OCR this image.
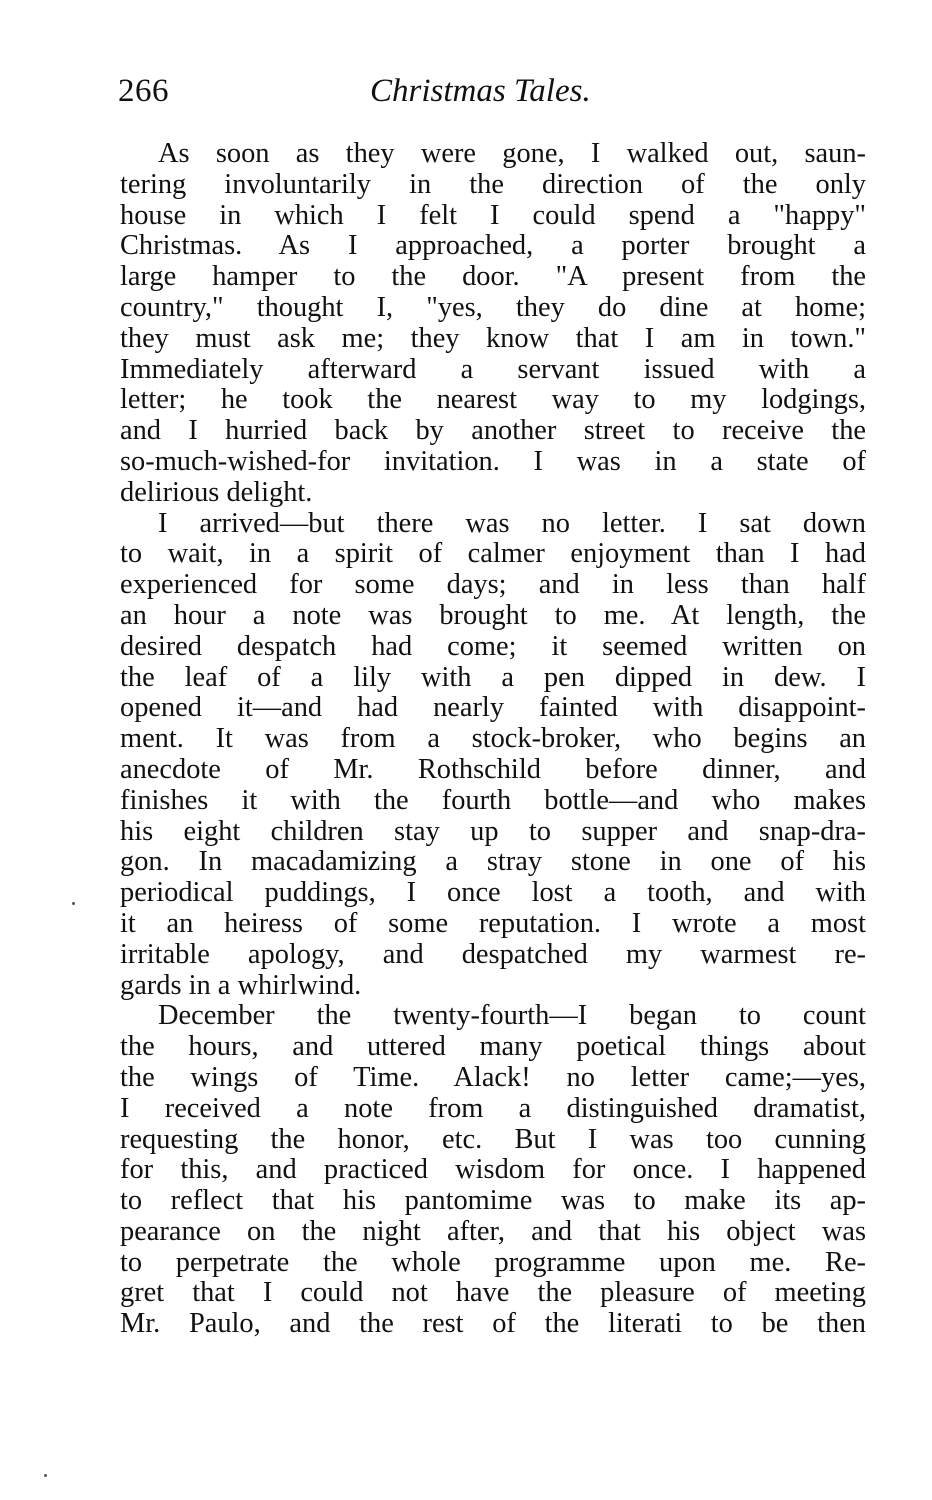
266	Christmas Tales.
As soon as they were gone, I walked out, saun-
tering involuntarily in the direction of the only
house in which I felt I could spend a "happy"
Christmas. As I approached, a porter brought a
large hamper to the door. "A present from the
country," thought I, "yes, they do dine at home;
they must ask me; they know that I am in town."
Immediately afterward a servant issued with a
letter; he took the nearest way to my lodgings,
and I hurried back by another street to receive the
so-much-wished-for invitation. I was in a state of
delirious delight.
I arrived—but there was no letter. I sat down
to wait, in a spirit of calmer enjoyment than I had
experienced for some days; and in less than half
an hour a note was brought to me. At length, the
desired despatch had come; it seemed written on
the leaf of a lily with a pen dipped in dew. I
opened it—and had nearly fainted with disappoint-
ment. It was from a stock-broker, who begins an
anecdote of Mr. Rothschild before dinner, and
finishes it with the fourth bottle—and who makes
his eight children stay up to supper and snap-dra-
gon. In macadamizing a stray stone in one of his
periodical puddings, I once lost a tooth, and with
it an heiress of some reputation. I wrote a most
irritable apology, and despatched my warmest re-
gards in a whirlwind.
December the twenty-fourth—I began to count
the hours, and uttered many poetical things about
the wings of Time. Alack! no letter came;—yes,
I received a note from a distinguished dramatist,
requesting the honor, etc. But I was too cunning
for this, and practiced wisdom for once. I happened
to reflect that his pantomime was to make its ap-
pearance on the night after, and that his object was
to perpetrate the whole programme upon me. Re-
gret that I could not have the pleasure of meeting
Mr. Paulo, and the rest of the literati to be then
